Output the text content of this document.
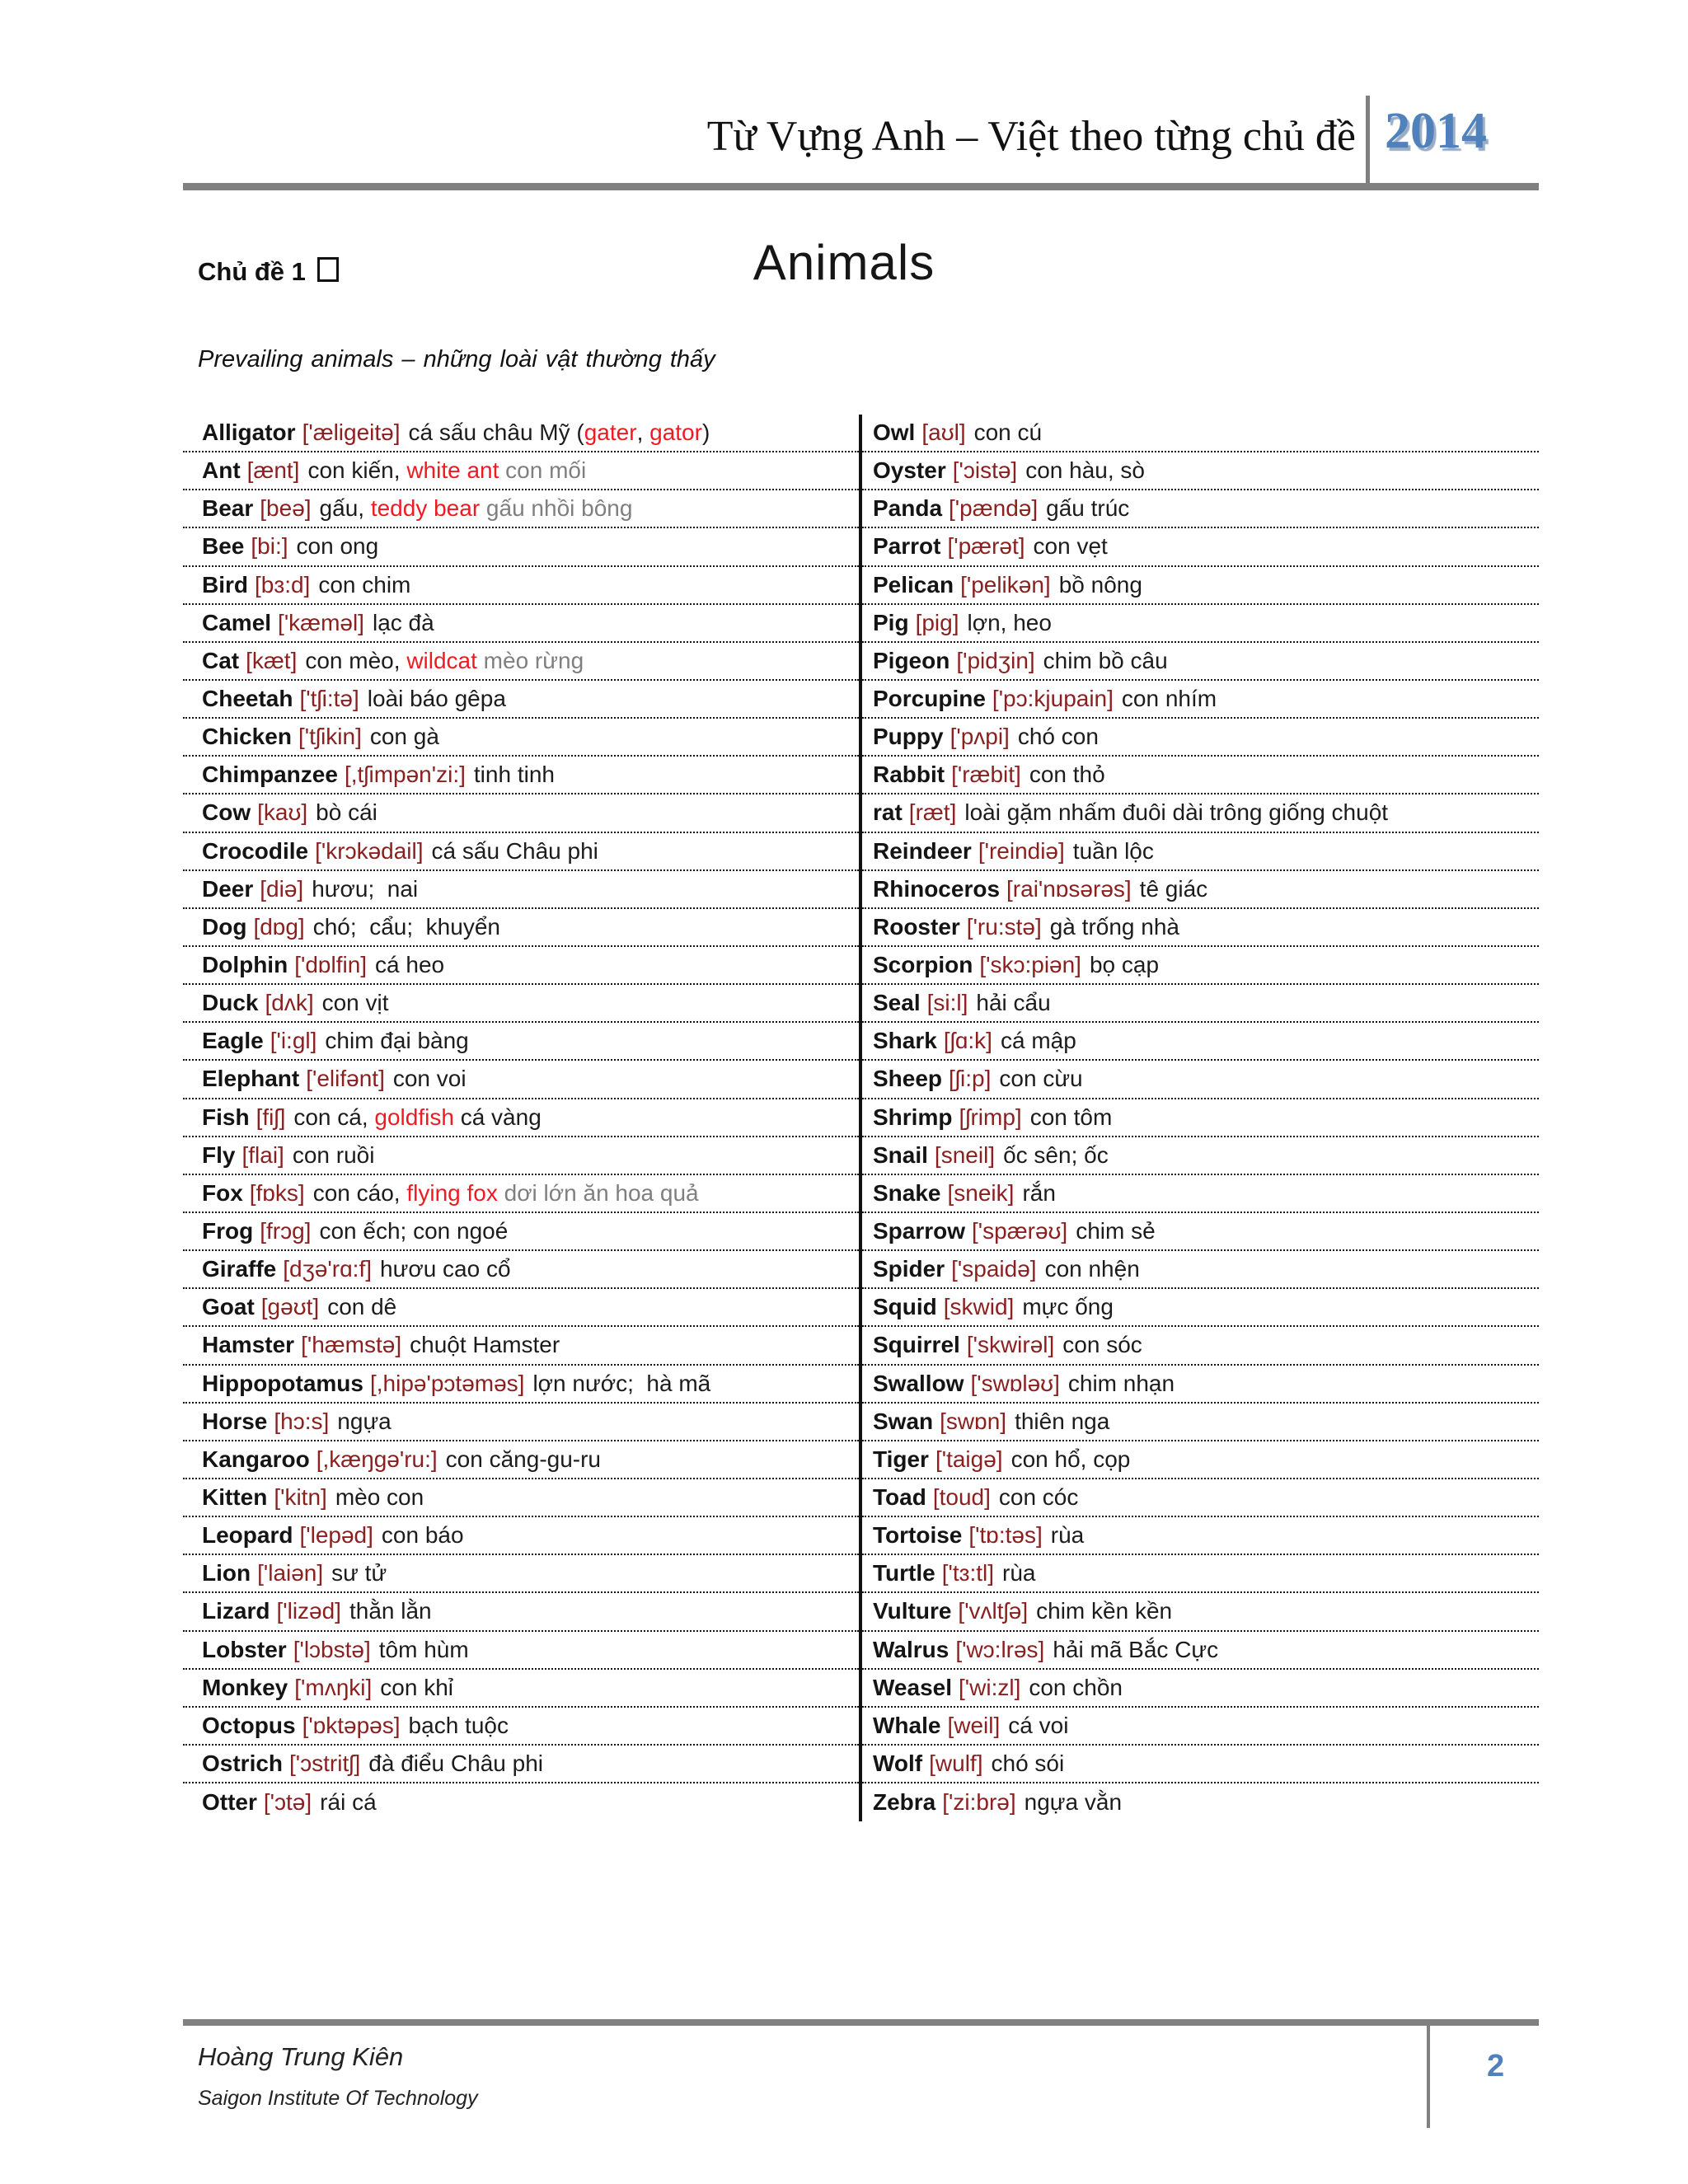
Từ Vựng Anh – Việt theo từng chủ đề 2014
Chủ đề 1	Animals
Prevailing animals – những loài vật thường thấy
Alligator ['æligeitə] cá sấu châu Mỹ ( gater , gator )
Ant [ænt] con kiến, white ant con mối
Bear [beə] gấu, teddy bear gấu nhồi bông
Bee [bi:] con ong
Bird [bɜ:d] con chim
Camel ['kæməl] lạc đà
Cat [kæt] con mèo, wildcat mèo rừng
Cheetah ['tʃi:tə] loài báo gêpa
Chicken ['tʃikin] con gà
Chimpanzee [,tʃimpən'zi:] tinh tinh
Cow [kaʊ] bò cái
Crocodile ['krɔkədail] cá sấu Châu phi
Deer [diə] hươu;  nai
Dog [dɒg] chó;  cẩu;  khuyển
Dolphin ['dɒlfin] cá heo
Duck [dʌk] con vịt
Eagle ['i:gl] chim đại bàng
Elephant ['elifənt] con voi
Fish [fiʃ] con cá, goldfish cá vàng
Fly [flai] con ruồi
Fox [fɒks] con cáo, flying fox dơi lớn ăn hoa quả
Frog [frɔg] con ếch; con ngoé
Giraffe [dʒə'rɑ:f] hươu cao cổ
Goat [gəʊt] con dê
Hamster ['hæmstə] chuột Hamster
Hippopotamus [,hipə'pɔtəməs] lợn nước;  hà mã
Horse [hɔ:s] ngựa
Kangaroo [,kæŋgə'ru:] con căng-gu-ru
Kitten ['kitn] mèo con
Leopard ['lepəd] con báo
Lion ['laiən] sư tử
Lizard ['lizəd] thằn lằn
Lobster ['lɔbstə] tôm hùm
Monkey ['mʌŋki] con khỉ
Octopus ['ɒktəpəs] bạch tuộc
Ostrich ['ɔstritʃ] đà điểu Châu phi
Otter ['ɔtə] rái cá
Owl [aʊl] con cú
Oyster ['ɔistə] con hàu, sò
Panda ['pændə] gấu trúc
Parrot ['pærət] con vẹt
Pelican ['pelikən] bồ nông
Pig [pig] lợn, heo
Pigeon ['pidʒin] chim bồ câu
Porcupine ['pɔ:kjupain] con nhím
Puppy ['pʌpi] chó con
Rabbit ['ræbit] con thỏ
rat [ræt] loài gặm nhấm đuôi dài trông giống chuột
Reindeer ['reindiə] tuần lộc
Rhinoceros [rai'nɒsərəs] tê giác
Rooster ['ru:stə] gà trống nhà
Scorpion ['skɔ:piən] bọ cạp
Seal [si:l] hải cẩu
Shark [ʃɑ:k] cá mập
Sheep [ʃi:p] con cừu
Shrimp [ʃrimp] con tôm
Snail [sneil] ốc sên; ốc
Snake [sneik] rắn
Sparrow ['spærəʊ] chim sẻ
Spider ['spaidə] con nhện
Squid [skwid] mực ống
Squirrel ['skwirəl] con sóc
Swallow ['swɒləʊ] chim nhạn
Swan [swɒn] thiên nga
Tiger ['taigə] con hổ, cọp
Toad [toud] con cóc
Tortoise ['tɒ:təs] rùa
Turtle ['tɜ:tl] rùa
Vulture ['vʌltʃə] chim kền kền
Walrus ['wɔ:lrəs] hải mã Bắc Cực
Weasel ['wi:zl] con chồn
Whale [weil] cá voi
Wolf [wulf] chó sói
Zebra ['zi:brə] ngựa vằn
Hoàng Trung Kiên
Saigon Institute Of Technology
2
